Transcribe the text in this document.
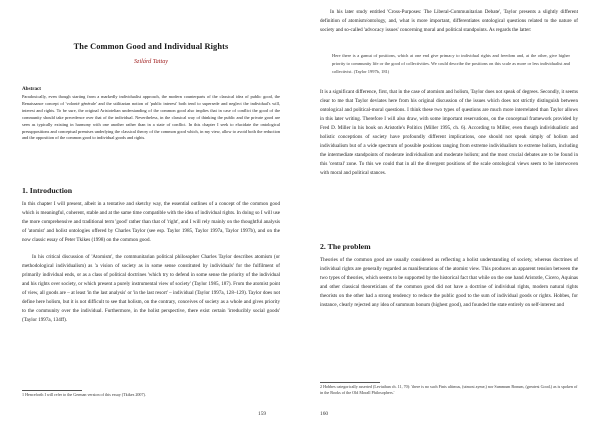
The Common Good and Individual Rights
Szilárd Tattay
Abstract

Paradoxically, even though starting from a markedly individualist approach, the modern counterparts of the classical idea of public good, the Renaissance concept of 'volonté générale' and the utilitarian notion of 'public interest' both tend to supersede and neglect the individual's will, interest and rights. To be sure, the original Aristotelian understanding of the common good also implies that in case of conflict the good of the community should take precedence over that of the individual. Nevertheless, in the classical way of thinking the public and the private good are seen as typically existing in harmony with one another rather than in a state of conflict. In this chapter I seek to elucidate the ontological presuppositions and conceptual premises underlying the classical theory of the common good which, in my view, allow to avoid both the reduction and the opposition of the common good to individual goods and rights.

1. Introduction

In this chapter I will present, albeit in a tentative and sketchy way, the essential outlines of a concept of the common good which is meaningful, coherent, stable and at the same time compatible with the idea of individual rights. In doing so I will use the more comprehensive and traditional term 'good' rather than that of 'right', and I will rely mainly on the thoughtful analysis of 'atomist' and holist ontologies offered by Charles Taylor (see esp. Taylor 1985, Taylor 1997a, Taylor 1997b), and on the now classic essay of Peter Tkikes (1998) on the common good.

In his critical discussion of 'Atomism', the communitarian political philosopher Charles Taylor describes atomism (or methodological individualism) as 'a vision of society as in some sense constituted by individuals' for the fulfilment of primarily individual ends, or as a class of political doctrines 'which try to defend in some sense the priority of the individual and his rights over society, or which present a purely instrumental view of society' (Taylor 1985, 187). From the atomist point of view, all goods are – at least 'in the last analysis' or 'in the last resort' – individual (Taylor 1997a, 128–129). Taylor does not define here holism, but it is not difficult to see that holism, on the contrary, conceives of society as a whole and gives priority to the community over the individual. Furthermore, in the holist perspective, there exist certain 'irreducibly social goods' (Taylor 1997a, 134ff).

1 Henceforth I will refer to the German version of this essay (Tkikes 2007).

159

In his later study entitled 'Cross-Purposes: The Liberal-Communitarian Debate', Taylor presents a slightly different definition of atomism/ontology, and, what is more important, differentiates ontological questions related to the nature of society and so-called 'advocacy issues' concerning moral and political standpoints. As regards the latter:

Here there is a gamut of positions, which at one end give primacy to individual rights and freedom and, at the other, give higher priority to community life or the good of collectivities. We could describe the positions on this scale as more or less individualist and collectivist. (Taylor 1997b, 181)

It is a significant difference, first, that in the case of atomism and holism, Taylor does not speak of degrees. Secondly, it seems clear to me that Taylor deviates here from his original discussion of the issues which does not strictly distinguish between ontological and political-moral questions. I think these two types of questions are much more interrelated than Taylor allows in this later writing. Therefore I will also draw, with some important reservations, on the conceptual framework provided by Fred D. Miller in his book on Aristotle's Politics (Miller 1995, ch. 6). According to Miller, even though individualistic and holistic conceptions of society have profoundly different implications, one should not speak simply of holism and individualism but of a wide spectrum of possible positions ranging from extreme individualism to extreme holism, including the intermediate standpoints of moderate individualism and moderate holism; and the most crucial debates are to be found in this 'central' zone. To this we could that in all the divergent positions of the scale ontological views seem to be interwoven with moral and political stances.

2. The problem

Theories of the common good are usually considered as reflecting a holist understanding of society, whereas doctrines of individual rights are generally regarded as manifestations of the atomist view. This produces an apparent tension between the two types of theories, which seems to be supported by the historical fact that while on the one hand Aristotle, Cicero, Aquinas and other classical theoreticians of the common good did not have a doctrine of individual rights, modern natural rights theorists on the other had a strong tendency to reduce the public good to the sum of individual goods or rights. Hobbes, for instance, clearly rejected any idea of summum bonum (highest good), and founded the state entirely on self-interest and

2 Hobbes categorically asserted (Leviathan ch. 11, 70): 'there is no such Finis ultimus, (utmost ayme,) nor Summum Bonum, (greatest Good,) as is spoken of in the Books of the Old Morall Philosophers.'

160
